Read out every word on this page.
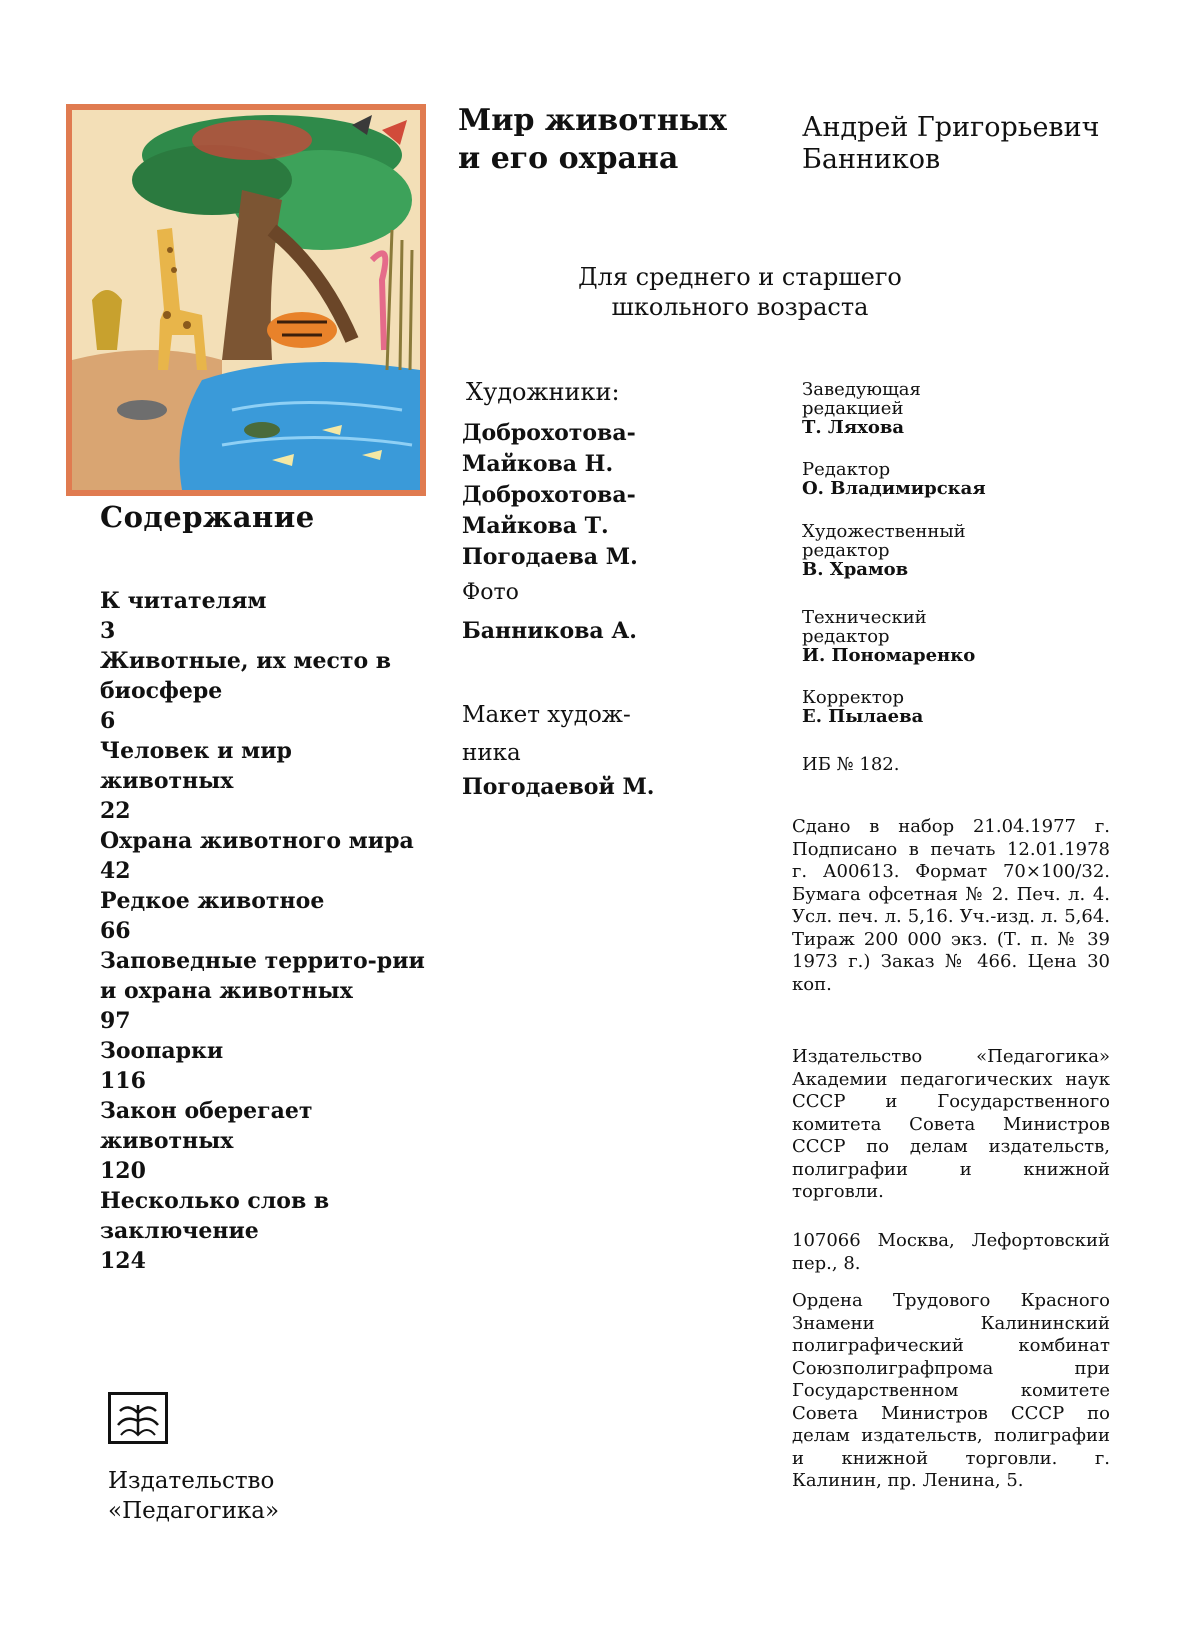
Содержание
К читателям
3
Животные, их место в биосфере
6
Человек и мир животных
22
Охрана животного мира
42
Редкое животное
66
Заповедные террито-рии и охрана животных
97
Зоопарки
116
Закон оберегает животных
120
Несколько слов в заключение
124
Издательство
«Педагогика»
Мир животных
и его охрана
Андрей Григорьевич
Банников
Для среднего и старшего
школьного возраста
Художники:
Доброхотова-
Майкова Н.
Доброхотова-
Майкова Т.
Погодаева М.
Фото
Банникова А.
Макет худож-
ника
Погодаевой М.
Заведующая
редакцией
Т. Ляхова
Редактор
О. Владимирская
Художественный
редактор
В. Храмов
Технический
редактор
И. Пономаренко
Корректор
Е. Пылаева
ИБ № 182.
Сдано в набор 21.04.1977 г. Подписано в печать 12.01.1978 г. А00613. Формат 70×100/32. Бумага офсетная № 2. Печ. л. 4. Усл. печ. л. 5,16. Уч.-изд. л. 5,64. Тираж 200 000 экз. (Т. п. № 39 1973 г.) Заказ № 466. Цена 30 коп.
Издательство «Педагогика» Академии педагогических наук СССР и Государственного комитета Совета Министров СССР по делам издательств, полиграфии и книжной торговли.
107066 Москва, Лефортовский пер., 8.
Ордена Трудового Красного Знамени Калининский полиграфический комбинат Союзполиграфпрома при Государственном комитете Совета Министров СССР по делам издательств, полиграфии и книжной торговли. г. Калинин, пр. Ленина, 5.
